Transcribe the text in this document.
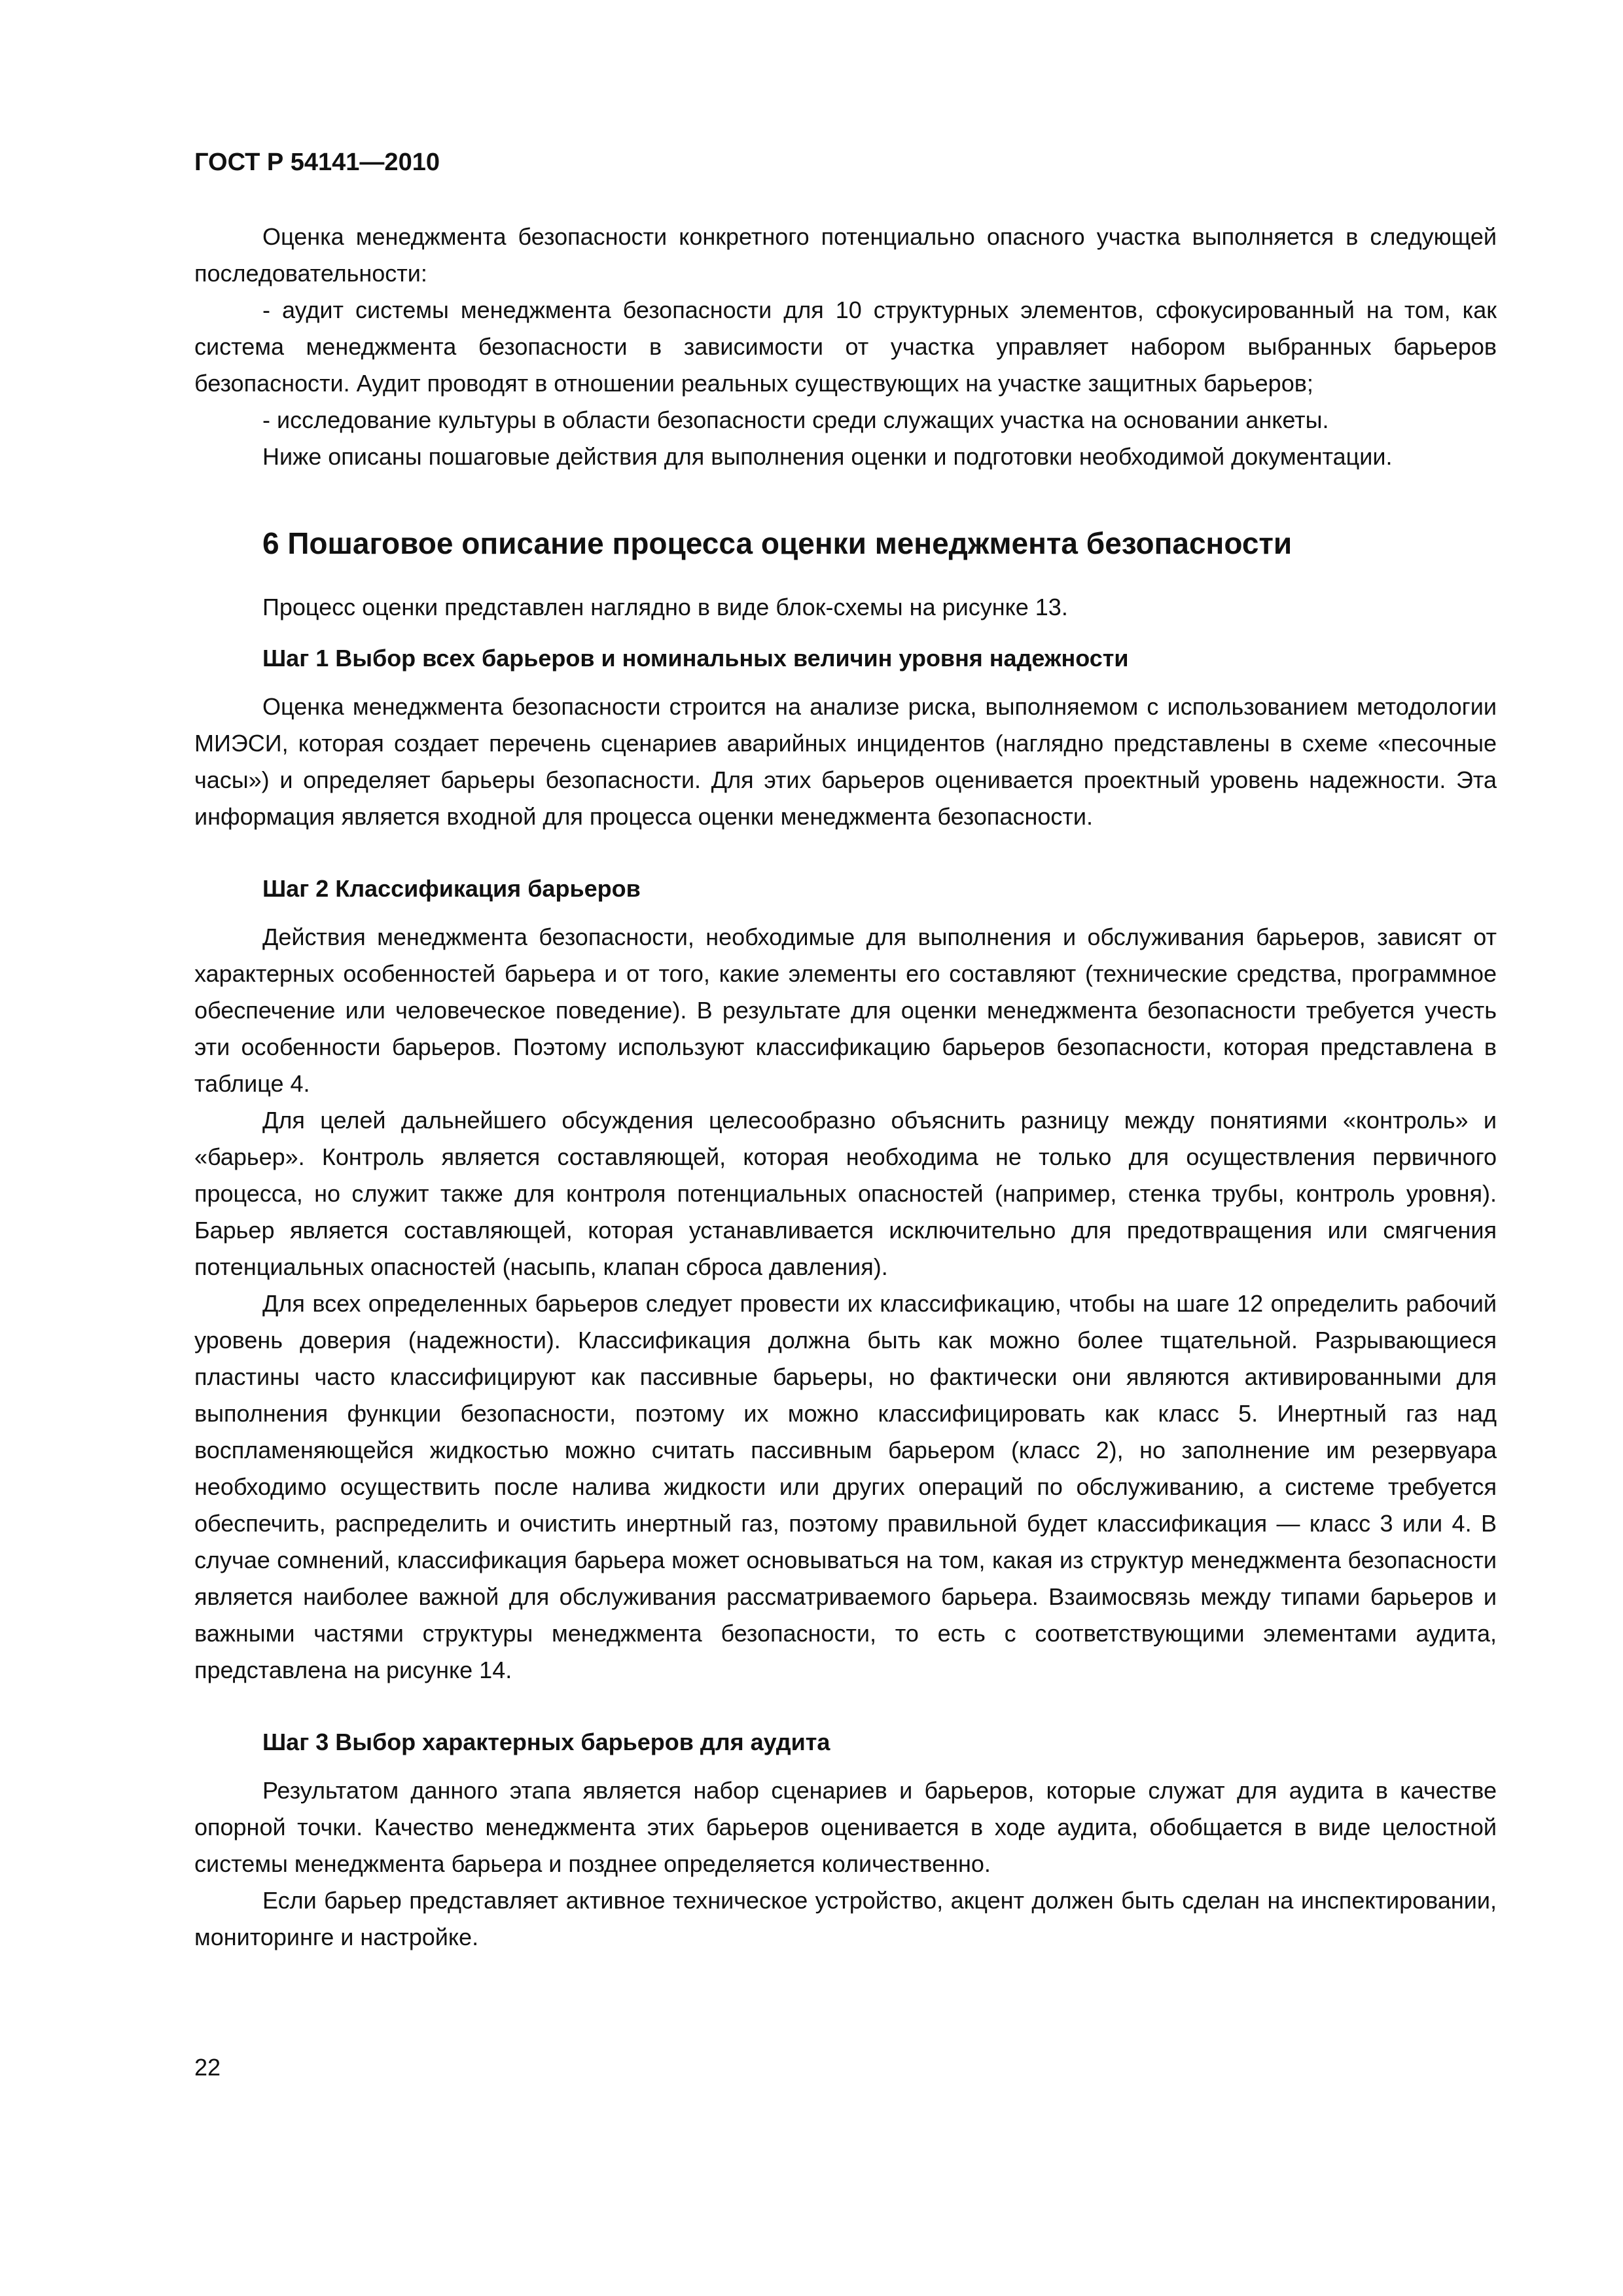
ГОСТ Р 54141—2010

Оценка менеджмента безопасности конкретного потенциально опасного участка выполняется в следующей последовательности:

- аудит системы менеджмента безопасности для 10 структурных элементов, сфокусированный на том, как система менеджмента безопасности в зависимости от участка управляет набором выбранных барьеров безопасности. Аудит проводят в отношении реальных существующих на участке защитных барьеров;

- исследование культуры в области безопасности среди служащих участка на основании анкеты.

Ниже описаны пошаговые действия для выполнения оценки и подготовки необходимой документации.

6 Пошаговое описание процесса оценки менеджмента безопасности

Процесс оценки представлен наглядно в виде блок-схемы на рисунке 13.

Шаг 1 Выбор всех барьеров и номинальных величин уровня надежности

Оценка менеджмента безопасности строится на анализе риска, выполняемом с использованием методологии МИЭСИ, которая создает перечень сценариев аварийных инцидентов (наглядно представлены в схеме «песочные часы») и определяет барьеры безопасности. Для этих барьеров оценивается проектный уровень надежности. Эта информация является входной для процесса оценки менеджмента безопасности.

Шаг 2 Классификация барьеров

Действия менеджмента безопасности, необходимые для выполнения и обслуживания барьеров, зависят от характерных особенностей барьера и от того, какие элементы его составляют (технические средства, программное обеспечение или человеческое поведение). В результате для оценки менеджмента безопасности требуется учесть эти особенности барьеров. Поэтому используют классификацию барьеров безопасности, которая представлена в таблице 4.

Для целей дальнейшего обсуждения целесообразно объяснить разницу между понятиями «контроль» и «барьер». Контроль является составляющей, которая необходима не только для осуществления первичного процесса, но служит также для контроля потенциальных опасностей (например, стенка трубы, контроль уровня). Барьер является составляющей, которая устанавливается исключительно для предотвращения или смягчения потенциальных опасностей (насыпь, клапан сброса давления).

Для всех определенных барьеров следует провести их классификацию, чтобы на шаге 12 определить рабочий уровень доверия (надежности). Классификация должна быть как можно более тщательной. Разрывающиеся пластины часто классифицируют как пассивные барьеры, но фактически они являются активированными для выполнения функции безопасности, поэтому их можно классифицировать как класс 5. Инертный газ над воспламеняющейся жидкостью можно считать пассивным барьером (класс 2), но заполнение им резервуара необходимо осуществить после налива жидкости или других операций по обслуживанию, а системе требуется обеспечить, распределить и очистить инертный газ, поэтому правильной будет классификация — класс 3 или 4. В случае сомнений, классификация барьера может основываться на том, какая из структур менеджмента безопасности является наиболее важной для обслуживания рассматриваемого барьера. Взаимосвязь между типами барьеров и важными частями структуры менеджмента безопасности, то есть с соответствующими элементами аудита, представлена на рисунке 14.

Шаг 3 Выбор характерных барьеров для аудита

Результатом данного этапа является набор сценариев и барьеров, которые служат для аудита в качестве опорной точки. Качество менеджмента этих барьеров оценивается в ходе аудита, обобщается в виде целостной системы менеджмента барьера и позднее определяется количественно.

Если барьер представляет активное техническое устройство, акцент должен быть сделан на инспектировании, мониторинге и настройке.

22
